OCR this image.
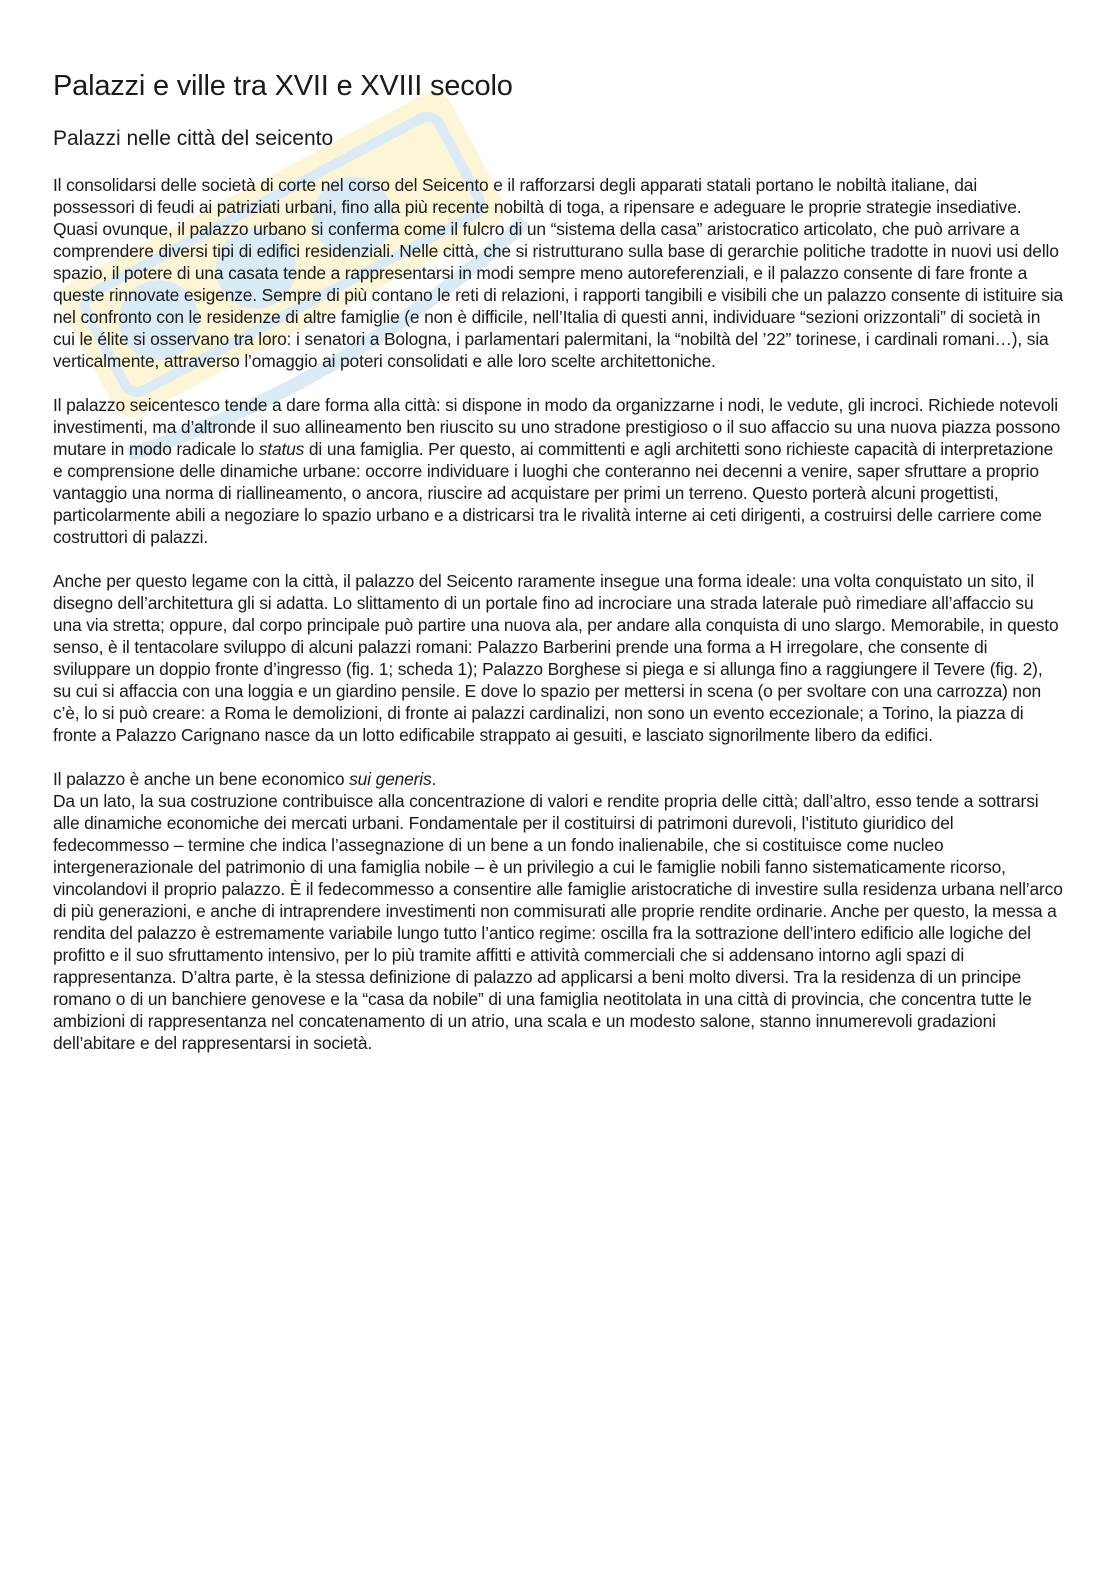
Palazzi e ville tra XVII e XVIII secolo
Palazzi nelle città del seicento

Il consolidarsi delle società di corte nel corso del Seicento e il rafforzarsi degli apparati statali portano le nobiltà italiane, dai possessori di feudi ai patriziati urbani, fino alla più recente nobiltà di toga, a ripensare e adeguare le proprie strategie insediative. Quasi ovunque, il palazzo urbano si conferma come il fulcro di un “sistema della casa” aristocratico articolato, che può arrivare a comprendere diversi tipi di edifici residenziali. Nelle città, che si ristrutturano sulla base di gerarchie politiche tradotte in nuovi usi dello spazio, il potere di una casata tende a rappresentarsi in modi sempre meno autoreferenziali, e il palazzo consente di fare fronte a queste rinnovate esigenze. Sempre di più contano le reti di relazioni, i rapporti tangibili e visibili che un palazzo consente di istituire sia nel confronto con le residenze di altre famiglie (e non è difficile, nell’Italia di questi anni, individuare “sezioni orizzontali” di società in cui le élite si osservano tra loro: i senatori a Bologna, i parlamentari palermitani, la “nobiltà del ’22” torinese, i cardinali romani…), sia verticalmente, attraverso l’omaggio ai poteri consolidati e alle loro scelte architettoniche.

Il palazzo seicentesco tende a dare forma alla città: si dispone in modo da organizzarne i nodi, le vedute, gli incroci. Richiede notevoli investimenti, ma d’altronde il suo allineamento ben riuscito su uno stradone prestigioso o il suo affaccio su una nuova piazza possono mutare in modo radicale lo status di una famiglia. Per questo, ai committenti e agli architetti sono richieste capacità di interpretazione e comprensione delle dinamiche urbane: occorre individuare i luoghi che conteranno nei decenni a venire, saper sfruttare a proprio vantaggio una norma di riallineamento, o ancora, riuscire ad acquistare per primi un terreno. Questo porterà alcuni progettisti, particolarmente abili a negoziare lo spazio urbano e a districarsi tra le rivalità interne ai ceti dirigenti, a costruirsi delle carriere come costruttori di palazzi.

Anche per questo legame con la città, il palazzo del Seicento raramente insegue una forma ideale: una volta conquistato un sito, il disegno dell’architettura gli si adatta. Lo slittamento di un portale fino ad incrociare una strada laterale può rimediare all’affaccio su una via stretta; oppure, dal corpo principale può partire una nuova ala, per andare alla conquista di uno slargo. Memorabile, in questo senso, è il tentacolare sviluppo di alcuni palazzi romani: Palazzo Barberini prende una forma a H irregolare, che consente di sviluppare un doppio fronte d’ingresso (fig. 1; scheda 1); Palazzo Borghese si piega e si allunga fino a raggiungere il Tevere (fig. 2), su cui si affaccia con una loggia e un giardino pensile. E dove lo spazio per mettersi in scena (o per svoltare con una carrozza) non c’è, lo si può creare: a Roma le demolizioni, di fronte ai palazzi cardinalizi, non sono un evento eccezionale; a Torino, la piazza di fronte a Palazzo Carignano nasce da un lotto edificabile strappato ai gesuiti, e lasciato signorilmente libero da edifici.

Il palazzo è anche un bene economico sui generis.

Da un lato, la sua costruzione contribuisce alla concentrazione di valori e rendite propria delle città; dall’altro, esso tende a sottrarsi alle dinamiche economiche dei mercati urbani. Fondamentale per il costituirsi di patrimoni durevoli, l’istituto giuridico del fedecommesso – termine che indica l’assegnazione di un bene a un fondo inalienabile, che si costituisce come nucleo intergenerazionale del patrimonio di una famiglia nobile – è un privilegio a cui le famiglie nobili fanno sistematicamente ricorso, vincolandovi il proprio palazzo. È il fedecommesso a consentire alle famiglie aristocratiche di investire sulla residenza urbana nell’arco di più generazioni, e anche di intraprendere investimenti non commisurati alle proprie rendite ordinarie. Anche per questo, la messa a rendita del palazzo è estremamente variabile lungo tutto l’antico regime: oscilla fra la sottrazione dell’intero edificio alle logiche del profitto e il suo sfruttamento intensivo, per lo più tramite affitti e attività commerciali che si addensano intorno agli spazi di rappresentanza. D’altra parte, è la stessa definizione di palazzo ad applicarsi a beni molto diversi. Tra la residenza di un principe romano o di un banchiere genovese e la “casa da nobile” di una famiglia neotitolata in una città di provincia, che concentra tutte le ambizioni di rappresentanza nel concatenamento di un atrio, una scala e un modesto salone, stanno innumerevoli gradazioni dell’abitare e del rappresentarsi in società.
